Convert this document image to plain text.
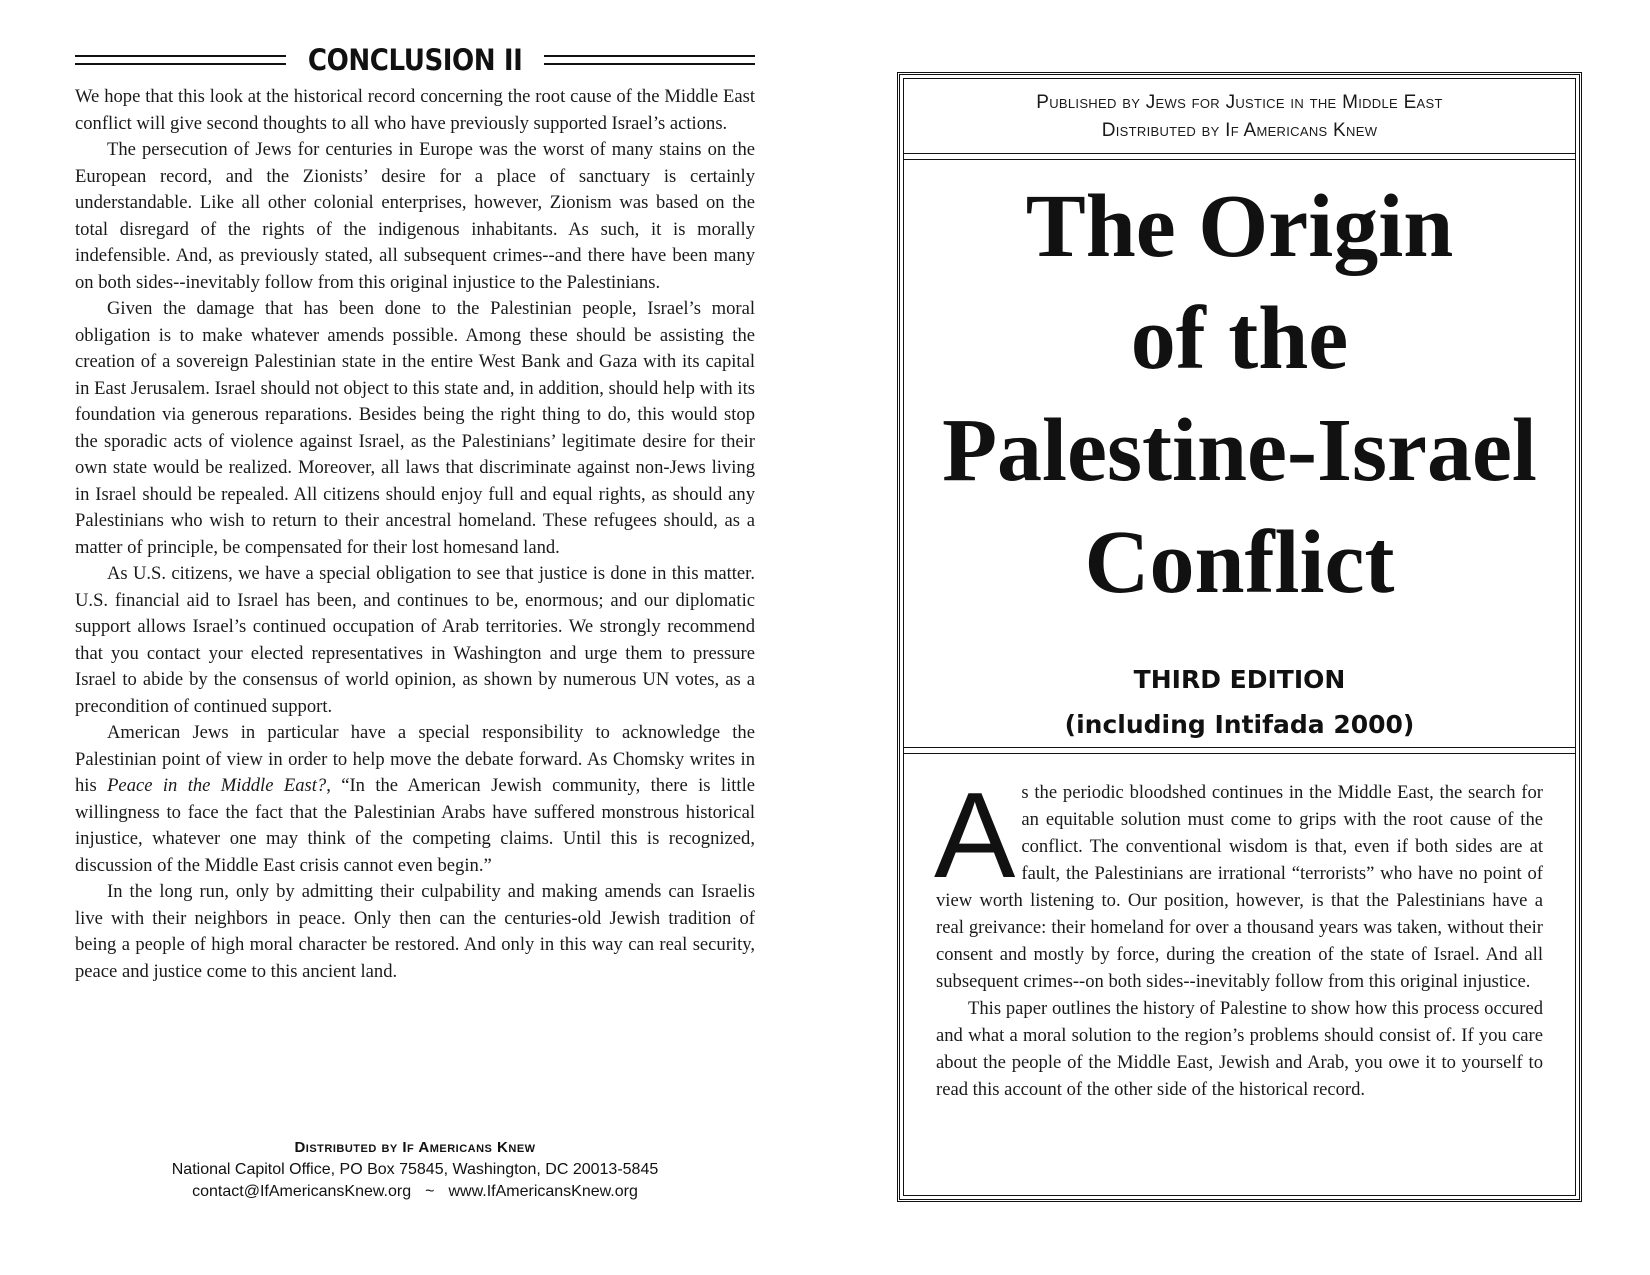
CONCLUSION II

We hope that this look at the historical record concerning the root cause of the Middle East conflict will give second thoughts to all who have previously supported Israel’s actions.

The persecution of Jews for centuries in Europe was the worst of many stains on the European record, and the Zionists’ desire for a place of sanctuary is certainly understandable. Like all other colonial enterprises, however, Zionism was based on the total disregard of the rights of the indigenous inhabitants. As such, it is morally indefensible. And, as previously stated, all subsequent crimes--and there have been many on both sides--inevitably follow from this original injustice to the Palestinians.

Given the damage that has been done to the Palestinian people, Israel’s moral obligation is to make whatever amends possible. Among these should be assisting the creation of a sovereign Palestinian state in the entire West Bank and Gaza with its capital in East Jerusalem. Israel should not object to this state and, in addition, should help with its foundation via generous reparations. Besides being the right thing to do, this would stop the sporadic acts of violence against Israel, as the Palestinians’ legitimate desire for their own state would be realized. Moreover, all laws that discriminate against non-Jews living in Israel should be repealed. All citizens should enjoy full and equal rights, as should any Palestinians who wish to return to their ancestral homeland. These refugees should, as a matter of principle, be compensated for their lost homesand land.

As U.S. citizens, we have a special obligation to see that justice is done in this matter. U.S. financial aid to Israel has been, and continues to be, enormous; and our diplomatic support allows Israel’s continued occupation of Arab territories. We strongly recommend that you contact your elected representatives in Washington and urge them to pressure Israel to abide by the consensus of world opinion, as shown by numerous UN votes, as a precondition of continued support.

American Jews in particular have a special responsibility to acknowledge the Palestinian point of view in order to help move the debate forward. As Chomsky writes in his Peace in the Middle East?, “In the American Jewish community, there is little willingness to face the fact that the Palestinian Arabs have suffered monstrous historical injustice, whatever one may think of the competing claims. Until this is recognized, discussion of the Middle East crisis cannot even begin.”

In the long run, only by admitting their culpability and making amends can Israelis live with their neighbors in peace. Only then can the centuries-old Jewish tradition of being a people of high moral character be restored. And only in this way can real security, peace and justice come to this ancient land.

Distributed by If Americans Knew
National Capitol Office, PO Box 75845, Washington, DC 20013-5845
contact@IfAmericansKnew.org ~ www.IfAmericansKnew.org
Published by Jews for Justice in the Middle East
Distributed by If Americans Knew
The Origin
of the
Palestine-Israel
Conflict
THIRD EDITION
(including Intifada 2000)

As the periodic bloodshed continues in the Middle East, the search for an equitable solution must come to grips with the root cause of the conflict. The conventional wisdom is that, even if both sides are at fault, the Palestinians are irrational “terrorists” who have no point of view worth listening to. Our position, however, is that the Palestinians have a real greivance: their homeland for over a thousand years was taken, without their consent and mostly by force, during the creation of the state of Israel. And all subsequent crimes--on both sides--inevitably follow from this original injustice.

This paper outlines the history of Palestine to show how this process occured and what a moral solution to the region’s problems should consist of. If you care about the people of the Middle East, Jewish and Arab, you owe it to yourself to read this account of the other side of the historical record.
